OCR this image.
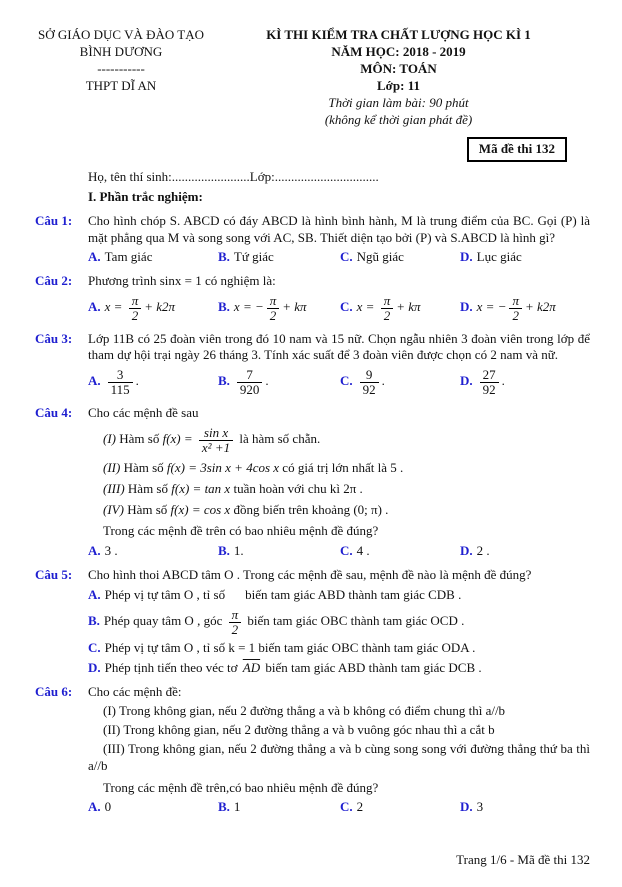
SỞ GIÁO DỤC VÀ ĐÀO TẠO
BÌNH DƯƠNG
-----------
THPT DĨ AN
KÌ THI KIỂM TRA CHẤT LƯỢNG HỌC KÌ 1
NĂM HỌC: 2018 - 2019
MÔN: TOÁN
Lớp: 11
Thời gian làm bài: 90 phút
(không kể thời gian phát đề)
Mã đề thi 132
Họ, tên thí sinh:........................Lớp:................................
I. Phần trắc nghiệm:
Câu 1:	Cho hình chóp S. ABCD có đáy ABCD là hình bình hành, M là trung điểm của BC. Gọi (P) là mặt phẳng qua M và song song với AC, SB. Thiết diện tạo bởi (P) và S.ABCD là hình gì?
A. Tam giác	B. Tứ giác	C. Ngũ giác	D. Lục giác
Câu 2:	Phương trình sinx = 1 có nghiệm là:
A. $x = \frac{\pi}{2} + k2\pi$	B. x = − $\frac{\pi}{2} + k\pi$	C. $x = \frac{\pi}{2} + k\pi$	D. x = − $\frac{\pi}{2} + k2\pi$
Câu 3:	Lớp 11B có 25 đoàn viên trong đó 10 nam và 15 nữ. Chọn ngẫu nhiên 3 đoàn viên trong lớp để tham dự hội trại ngày 26 tháng 3. Tính xác suất để 3 đoàn viên được chọn có 2 nam và nữ.
A. $\frac{3}{115}$ .	B. $\frac{7}{920}$ .	C. $\frac{9}{92}$ .	D. $\frac{27}{92}$ .
Câu 4:	Cho các mệnh đề sau
(I) Hàm số $f(x) = \frac{\text{sin x}}{\text{x² +1}}$ là hàm số chẵn.
(II) Hàm số f(x) = 3sin x + 4cos x có giá trị lớn nhất là 5 .
(III) Hàm số f(x) = tan x tuần hoàn với chu kì 2π .
(IV) Hàm số f(x) = cos x đồng biến trên khoảng (0; π) .
Trong các mệnh đề trên có bao nhiêu mệnh đề đúng?
A. 3 .	B. 1.	C. 4 .	D. 2 .
Câu 5:	Cho hình thoi ABCD tâm O . Trong các mệnh đề sau, mệnh đề nào là mệnh đề đúng?
A. Phép vị tự tâm O , tỉ số biến tam giác ABD thành tam giác CDB .
B. Phép quay tâm O , góc $\frac{\pi}{2}$ biến tam giác OBC thành tam giác OCD .
C. Phép vị tự tâm O , tỉ số k = 1 biến tam giác OBC thành tam giác ODA .
D. Phép tịnh tiến theo véc tơ $\overline{AD}$ biến tam giác ABD thành tam giác DCB .
Câu 6:	Cho các mệnh đề:
(I) Trong không gian, nếu 2 đường thẳng a và b không có điểm chung thì a//b
(II) Trong không gian, nếu 2 đường thẳng a và b vuông góc nhau thì a cắt b
(III) Trong không gian, nếu 2 đường thẳng a và b cùng song song với đường thẳng thứ ba thì a//b
Trong các mệnh đề trên,có bao nhiêu mệnh đề đúng?
A. 0	B. 1	C. 2	D. 3
Trang 1/6 - Mã đề thi 132
